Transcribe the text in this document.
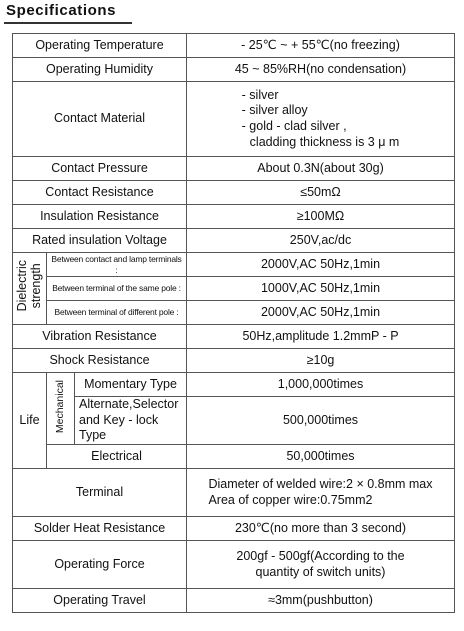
Specifications
Operating Temperature			- 25℃ ~ + 55℃(no freezing)
Operating Humidity			45 ~ 85%RH(no condensation)
Contact Material			- silver
- silver alloy
- gold - clad silver ,
cladding thickness is 3 μ m

Contact Pressure			About 0.3N(about 30g)
Contact Resistance			≤50mΩ
Insulation Resistance			≥100MΩ
Rated insulation Voltage			250V,ac/dc

Dielectric strength	Between contact and lamp terminals :		2000V,AC 50Hz,1min
	Between terminal of the same pole :		1000V,AC 50Hz,1min
	Between terminal of different pole :		2000V,AC 50Hz,1min
Vibration Resistance			50Hz,amplitude 1.2mmP - P
Shock Resistance			≥10g
Life	Mechanical	Momentary Type	1,000,000times

		Alternate,Selector
and Key - lock Type	500,000times
	Electrical		50,000times
Terminal			Diameter of welded wire:2 × 0.8mm max
Area of copper wire:0.75mm2

Solder Heat Resistance			230℃(no more than 3 second)
Operating Force			200gf - 500gf(According to the
quantity of switch units)

Operating Travel			≈3mm(pushbutton)
